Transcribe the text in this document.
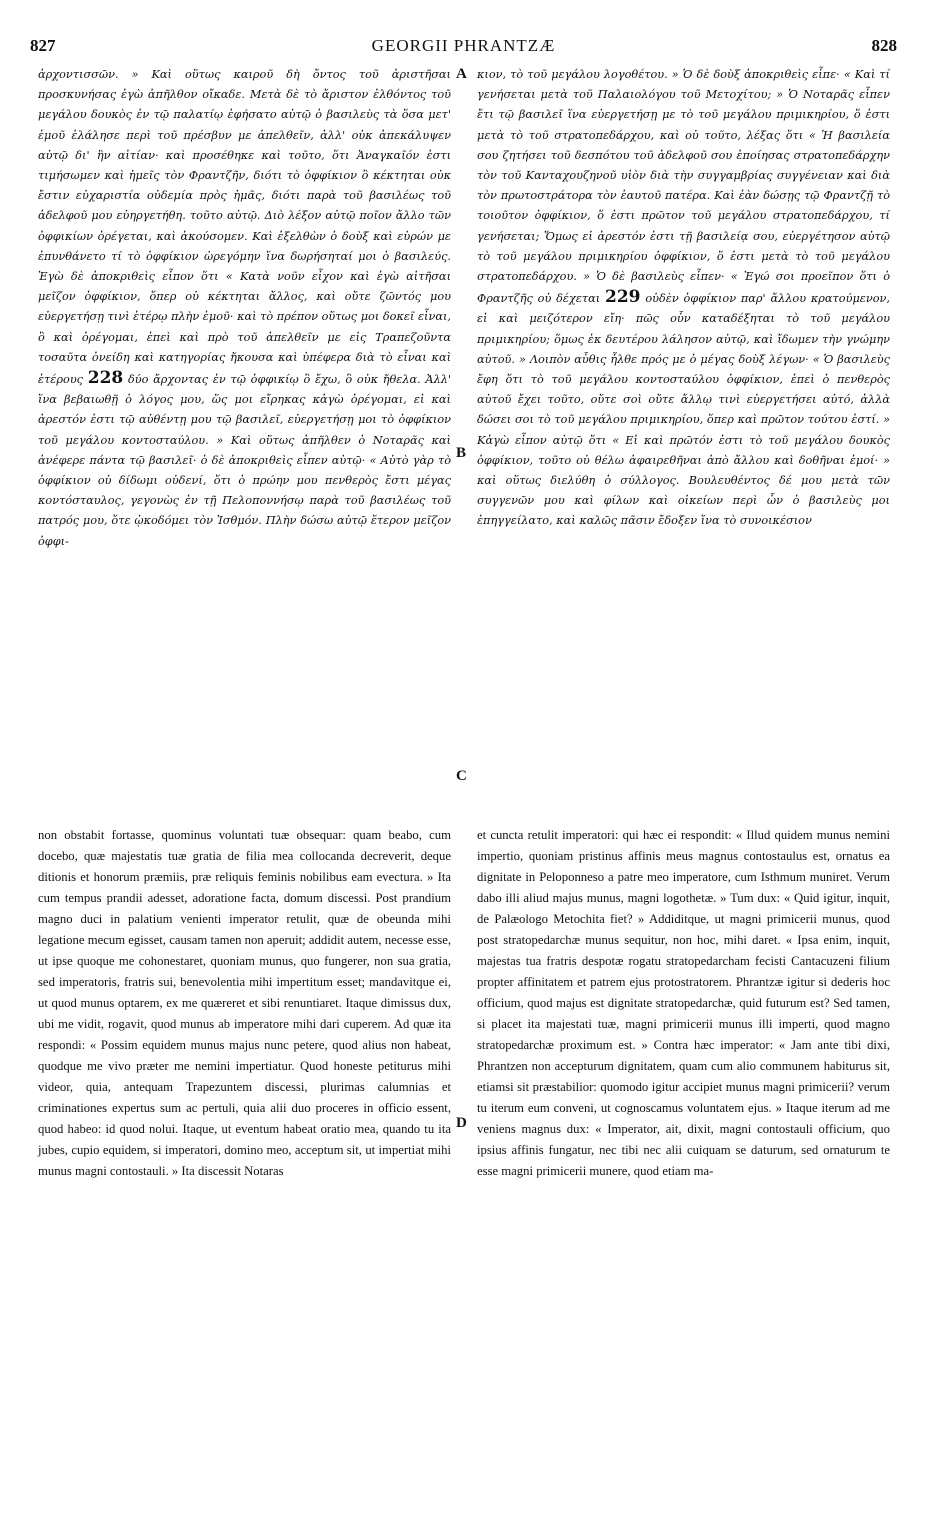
827	GEORGII PHRANTZÆ	828
ἀρχοντισσῶν. » Καὶ οὕτως καιροῦ δὴ ὄντος τοῦ ἀριστῆσαι προσκυνήσας ἐγὼ ἀπῆλθον οἴκαδε. Μετὰ δὲ τὸ ἄριστον ἐλθόντος τοῦ μεγάλου δουκὸς ἐν τῷ παλατίῳ ἐφήσατο αὐτῷ ὁ βασιλεὺς τὰ ὅσα μετ' ἐμοῦ ἐλάλησε περὶ τοῦ πρέσβυν με ἀπελθεῖν, ἀλλ' οὐκ ἀπεκάλυψεν αὐτῷ δι' ἣν αἰτίαν· καὶ προσέθηκε καὶ τοῦτο, ὅτι Ἀναγκαῖόν ἐστι τιμήσωμεν καὶ ἡμεῖς τὸν Φραντζῆν, διότι τὸ ὀφφίκιον ὃ κέκτηται οὐκ ἔστιν εὐχαριστία οὐδεμία πρὸς ἡμᾶς, διότι παρὰ τοῦ βασιλέως τοῦ ἀδελφοῦ μου εὐηργετήθη. τοῦτο αὐτῷ. Διὸ λέξον αὐτῷ ποῖον ἄλλο τῶν ὀφφικίων ὀρέγεται, καὶ ἀκούσομεν. Καὶ ἐξελθὼν ὁ δοὺξ καὶ εὑρών με ἐπυνθάνετο τί τὸ ὀφφίκιον ὠρεγόμην ἵνα δωρήσηταί μοι ὁ βασιλεύς. Ἐγὼ δὲ ἀποκριθεὶς εἶπον ὅτι « Κατὰ νοῦν εἶχον καὶ ἐγὼ αἰτῆσαι μεῖζον ὀφφίκιον, ὅπερ οὐ κέκτηται ἄλλος, καὶ οὔτε ζῶντός μου εὐεργετήσῃ τινὶ ἑτέρῳ πλὴν ἐμοῦ· καὶ τὸ πρέπον οὕτως μοι δοκεῖ εἶναι, ὃ καὶ ὀρέγομαι, ἐπεὶ καὶ πρὸ τοῦ ἀπελθεῖν με εἰς Τραπεζοῦντα τοσαῦτα ὀνείδη καὶ κατηγορίας ἤκουσα καὶ ὑπέφερα διὰ τὸ εἶναι καὶ ἑτέρους 228 δύο ἄρχοντας ἐν τῷ ὀφφικίῳ ὃ ἔχω, ὃ οὐκ ἤθελα. Ἀλλ' ἵνα βεβαιωθῇ ὁ λόγος μου, ὥς μοι εἴρηκας κἀγὼ ὀρέγομαι, εἰ καὶ ἀρεστόν ἐστι τῷ αὐθέντῃ μου τῷ βασιλεῖ, εὐεργετήσῃ μοι τὸ ὀφφίκιον τοῦ μεγάλου κοντοσταύλου. » Καὶ οὕτως ἀπῆλθεν ὁ Νοταρᾶς καὶ ἀνέφερε πάντα τῷ βασιλεῖ· ὁ δὲ ἀποκριθεὶς εἶπεν αὐτῷ· « Αὐτὸ γὰρ τὸ ὀφφίκιον οὐ δίδωμι οὐδενί, ὅτι ὁ πρώην μου πενθερὸς ἔστι μέγας κοντόσταυλος, γεγονὼς ἐν τῇ Πελοποννήσῳ παρὰ τοῦ βασιλέως τοῦ πατρός μου, ὅτε ᾠκοδόμει τὸν Ἰσθμόν. Πλὴν δώσω αὐτῷ ἕτερον μεῖζον ὀφφι-
κιον, τὸ τοῦ μεγάλου λογοθέτου. » Ὁ δὲ δοὺξ ἀποκριθεὶς εἶπε· « Καὶ τί γενήσεται μετὰ τοῦ Παλαιολόγου τοῦ Μετοχίτου; » Ὁ Νοταρᾶς εἶπεν ἔτι τῷ βασιλεῖ ἵνα εὐεργετήσῃ με τὸ τοῦ μεγάλου πριμικηρίου, ὅ ἐστι μετὰ τὸ τοῦ στρατοπεδάρχου, καὶ οὐ τοῦτο, λέξας ὅτι « Ἡ βασιλεία σου ζητήσει τοῦ δεσπότου τοῦ ἀδελφοῦ σου ἐποίησας στρατοπεδάρχην τὸν τοῦ Κανταχουζηνοῦ υἱὸν διὰ τὴν συγγαμβρίας συγγένειαν καὶ διὰ τὸν πρωτοστράτορα τὸν ἑαυτοῦ πατέρα. Καὶ ἐὰν δώσῃς τῷ Φραντζῇ τὸ τοιοῦτον ὀφφίκιον, ὅ ἐστι πρῶτον τοῦ μεγάλου στρατοπεδάρχου, τί γενήσεται; Ὅμως εἰ ἀρεστόν ἐστι τῇ βασιλείᾳ σου, εὐεργέτησον αὐτῷ τὸ τοῦ μεγάλου πριμικηρίου ὀφφίκιον, ὅ ἐστι μετὰ τὸ τοῦ μεγάλου στρατοπεδάρχου. » Ὁ δὲ βασιλεὺς εἶπεν· « Ἐγώ σοι προεῖπον ὅτι ὁ Φραντζῆς οὐ δέχεται 229 οὐδὲν ὀφφίκιον παρ' ἄλλου κρατούμενον, εἰ καὶ μειζότερον εἴη· πῶς οὖν καταδέξηται τὸ τοῦ μεγάλου πριμικηρίου; ὅμως ἐκ δευτέρου λάλησον αὐτῷ, καὶ ἴδωμεν τὴν γνώμην αὐτοῦ. » Λοιπὸν αὖθις ἦλθε πρός με ὁ μέγας δοὺξ λέγων· « Ὁ βασιλεὺς ἔφη ὅτι τὸ τοῦ μεγάλου κοντοσταύλου ὀφφίκιον, ἐπεὶ ὁ πενθερὸς αὐτοῦ ἔχει τοῦτο, οὔτε σοὶ οὔτε ἄλλῳ τινὶ εὐεργετήσει αὐτό, ἀλλὰ δώσει σοι τὸ τοῦ μεγάλου πριμικηρίου, ὅπερ καὶ πρῶτον τούτου ἐστί. » Κἀγὼ εἶπον αὐτῷ ὅτι « Εἰ καὶ πρῶτόν ἐστι τὸ τοῦ μεγάλου δουκὸς ὀφφίκιον, τοῦτο οὐ θέλω ἀφαιρεθῆναι ἀπὸ ἄλλου καὶ δοθῆναι ἐμοί· » καὶ οὕτως διελύθη ὁ σύλλογος. Βουλευθέντος δέ μου μετὰ τῶν συγγενῶν μου καὶ φίλων καὶ οἰκείων περὶ ὧν ὁ βασιλεὺς μοι ἐπηγγείλατο, καὶ καλῶς πᾶσιν ἔδοξεν ἵνα τὸ συνοικέσιον
non obstabit fortasse, quominus voluntati tuæ obsequar: quam beabo, cum docebo, quæ majestatis tuæ gratia de filia mea collocanda decreverit, deque ditionis et honorum præmiis, præ reliquis feminis nobilibus eam evectura. » Ita cum tempus prandii adesset, adoratione facta, domum discessi. Post prandium magno duci in palatium venienti imperator retulit, quæ de obeunda mihi legatione mecum egisset, causam tamen non aperuit; addidit autem, necesse esse, ut ipse quoque me cohonestaret, quoniam munus, quo fungerer, non sua gratia, sed imperatoris, fratris sui, benevolentia mihi impertitum esset; mandavitque ei, ut quod munus optarem, ex me quæreret et sibi renuntiaret. Itaque dimissus dux, ubi me vidit, rogavit, quod munus ab imperatore mihi dari cuperem. Ad quæ ita respondi: « Possim equidem munus majus nunc petere, quod alius non habeat, quodque me vivo præter me nemini impertiatur. Quod honeste petiturus mihi videor, quia, antequam Trapezuntem discessi, plurimas calumnias et criminationes expertus sum ac pertuli, quia alii duo proceres in officio essent, quod habeo: id quod nolui. Itaque, ut eventum habeat oratio mea, quando tu ita jubes, cupio equidem, si imperatori, domino meo, acceptum sit, ut impertiat mihi munus magni contostauli. » Ita discessit Notaras
et cuncta retulit imperatori: qui hæc ei respondit: « Illud quidem munus nemini impertio, quoniam pristinus affinis meus magnus contostaulus est, ornatus ea dignitate in Peloponneso a patre meo imperatore, cum Isthmum muniret. Verum dabo illi aliud majus munus, magni logothetæ. » Tum dux: « Quid igitur, inquit, de Palæologo Metochita fiet? » Addiditque, ut magni primicerii munus, quod post stratopedarchæ munus sequitur, non hoc, mihi daret. « Ipsa enim, inquit, majestas tua fratris despotæ rogatu stratopedarcham fecisti Cantacuzeni filium propter affinitatem et patrem ejus protostratorem. Phrantzæ igitur si dederis hoc officium, quod majus est dignitate stratopedarchæ, quid futurum est? Sed tamen, si placet ita majestati tuæ, magni primicerii munus illi imperti, quod magno stratopedarchæ proximum est. » Contra hæc imperator: « Jam ante tibi dixi, Phrantzen non accepturum dignitatem, quam cum alio communem habiturus sit, etiamsi sit præstabilior: quomodo igitur accipiet munus magni primicerii? verum tu iterum eum conveni, ut cognoscamus voluntatem ejus. » Itaque iterum ad me veniens magnus dux: « Imperator, ait, dixit, magni contostauli officium, quo ipsius affinis fungatur, nec tibi nec alii cuiquam se daturum, sed ornaturum te esse magni primicerii munere, quod etiam ma-
A
B
C
D
